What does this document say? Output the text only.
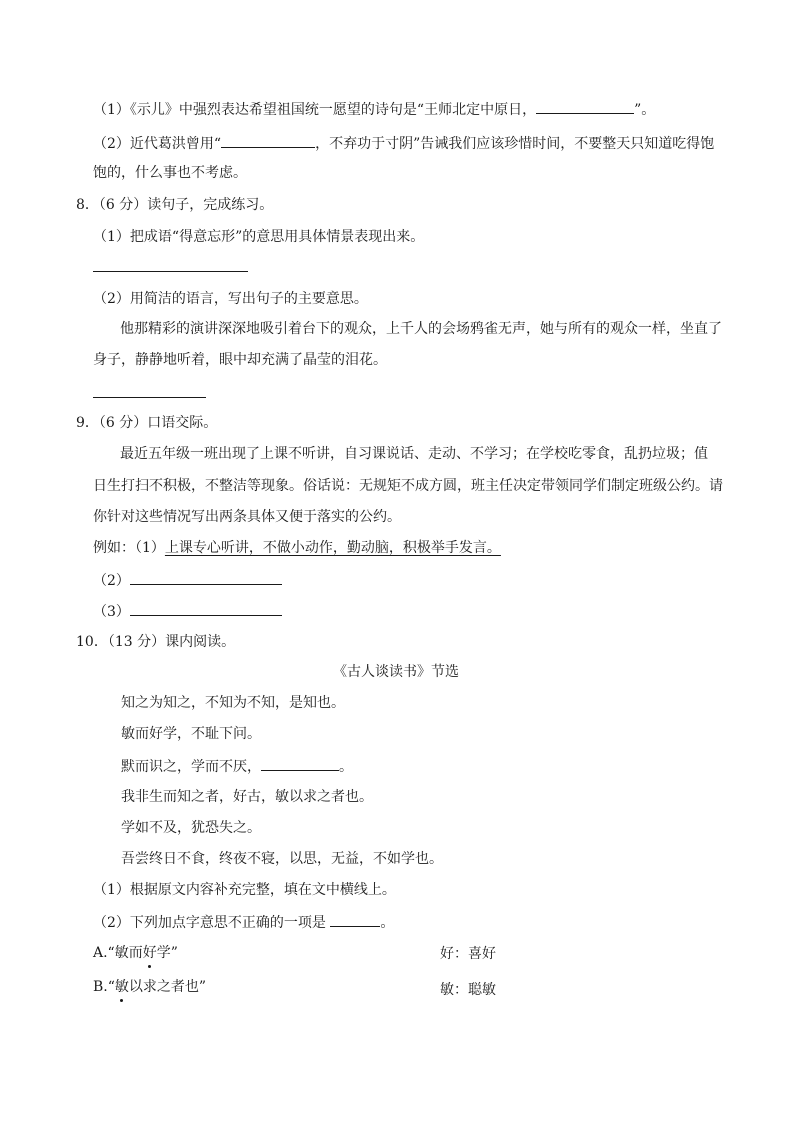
（1）《示儿》中强烈表达希望祖国统一愿望的诗句是“王师北定中原日，	”。
（2）近代葛洪曾用“	，不弃功于寸阴”告诫我们应该珍惜时间，不要整天只知道吃得饱
饱的，什么事也不考虑。
8．（6 分）读句子，完成练习。
（1）把成语“得意忘形”的意思用具体情景表现出来。
（2）用简洁的语言，写出句子的主要意思。
他那精彩的演讲深深地吸引着台下的观众，上千人的会场鸦雀无声，她与所有的观众一样，坐直了
身子，静静地听着，眼中却充满了晶莹的泪花。
9．（6 分）口语交际。
最近五年级一班出现了上课不听讲，自习课说话、走动、不学习；在学校吃零食，乱扔垃圾；值
日生打扫不积极，不整洁等现象。俗话说：无规矩不成方圆，班主任决定带领同学们制定班级公约。请
你针对这些情况写出两条具体又便于落实的公约。
例如：（1）上课专心听讲，不做小动作，勤动脑，积极举手发言。
（2）
（3）
10．（13 分）课内阅读。
《古人谈读书》节选
知之为知之，不知为不知，是知也。
敏而好学，不耻下问。
默而识之，学而不厌，	。
我非生而知之者，好古，敏以求之者也。
学如不及，犹恐失之。
吾尝终日不食，终夜不寝，以思，无益，不如学也。
（1）根据原文内容补充完整，填在文中横线上。
（2）下列加点字意思不正确的一项是	。
A.“敏而好学”	好：喜好
B.“敏以求之者也”	敏：聪敏
